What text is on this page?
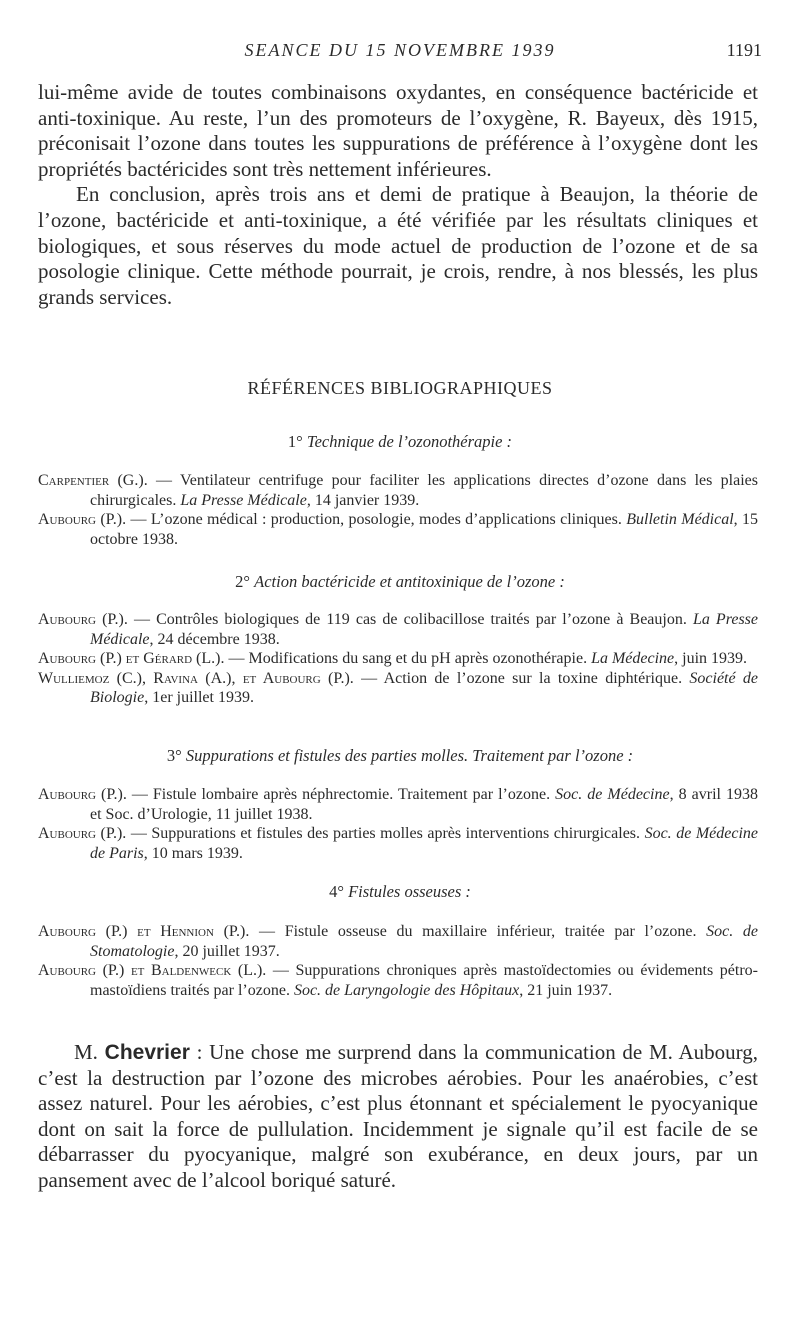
SEANCE DU 15 NOVEMBRE 1939	1191

lui-même avide de toutes combinaisons oxydantes, en conséquence bactéricide et anti-toxinique. Au reste, l’un des promoteurs de l’oxygène, R. Bayeux, dès 1915, préconisait l’ozone dans toutes les suppurations de préférence à l’oxygène dont les propriétés bactéricides sont très nettement inférieures.

En conclusion, après trois ans et demi de pratique à Beaujon, la théorie de l’ozone, bactéricide et anti-toxinique, a été vérifiée par les résultats cliniques et biologiques, et sous réserves du mode actuel de production de l’ozone et de sa posologie clinique. Cette méthode pourrait, je crois, rendre, à nos blessés, les plus grands services.

RÉFÉRENCES BIBLIOGRAPHIQUES
1° Technique de l’ozonothérapie :

Carpentier (G.). — Ventilateur centrifuge pour faciliter les applications directes d’ozone dans les plaies chirurgicales. La Presse Médicale, 14 janvier 1939.

Aubourg (P.). — L’ozone médical : production, posologie, modes d’applications cliniques. Bulletin Médical, 15 octobre 1938.

2° Action bactéricide et antitoxinique de l’ozone :

Aubourg (P.). — Contrôles biologiques de 119 cas de colibacillose traités par l’ozone à Beaujon. La Presse Médicale, 24 décembre 1938.

Aubourg (P.) et Gérard (L.). — Modifications du sang et du pH après ozonothérapie. La Médecine, juin 1939.

Wulliemoz (C.), Ravina (A.), et Aubourg (P.). — Action de l’ozone sur la toxine diphtérique. Société de Biologie, 1er juillet 1939.

3° Suppurations et fistules des parties molles. Traitement par l’ozone :

Aubourg (P.). — Fistule lombaire après néphrectomie. Traitement par l’ozone. Soc. de Médecine, 8 avril 1938 et Soc. d’Urologie, 11 juillet 1938.

Aubourg (P.). — Suppurations et fistules des parties molles après interventions chirurgicales. Soc. de Médecine de Paris, 10 mars 1939.

4° Fistules osseuses :

Aubourg (P.) et Hennion (P.). — Fistule osseuse du maxillaire inférieur, traitée par l’ozone. Soc. de Stomatologie, 20 juillet 1937.

Aubourg (P.) et Baldenweck (L.). — Suppurations chroniques après mastoïdectomies ou évidements pétro-mastoïdiens traités par l’ozone. Soc. de Laryngologie des Hôpitaux, 21 juin 1937.

M. Chevrier : Une chose me surprend dans la communication de M. Aubourg, c’est la destruction par l’ozone des microbes aérobies. Pour les anaérobies, c’est assez naturel. Pour les aérobies, c’est plus étonnant et spécialement le pyocyanique dont on sait la force de pullulation. Incidemment je signale qu’il est facile de se débarrasser du pyocyanique, malgré son exubérance, en deux jours, par un pansement avec de l’alcool boriqué saturé.
